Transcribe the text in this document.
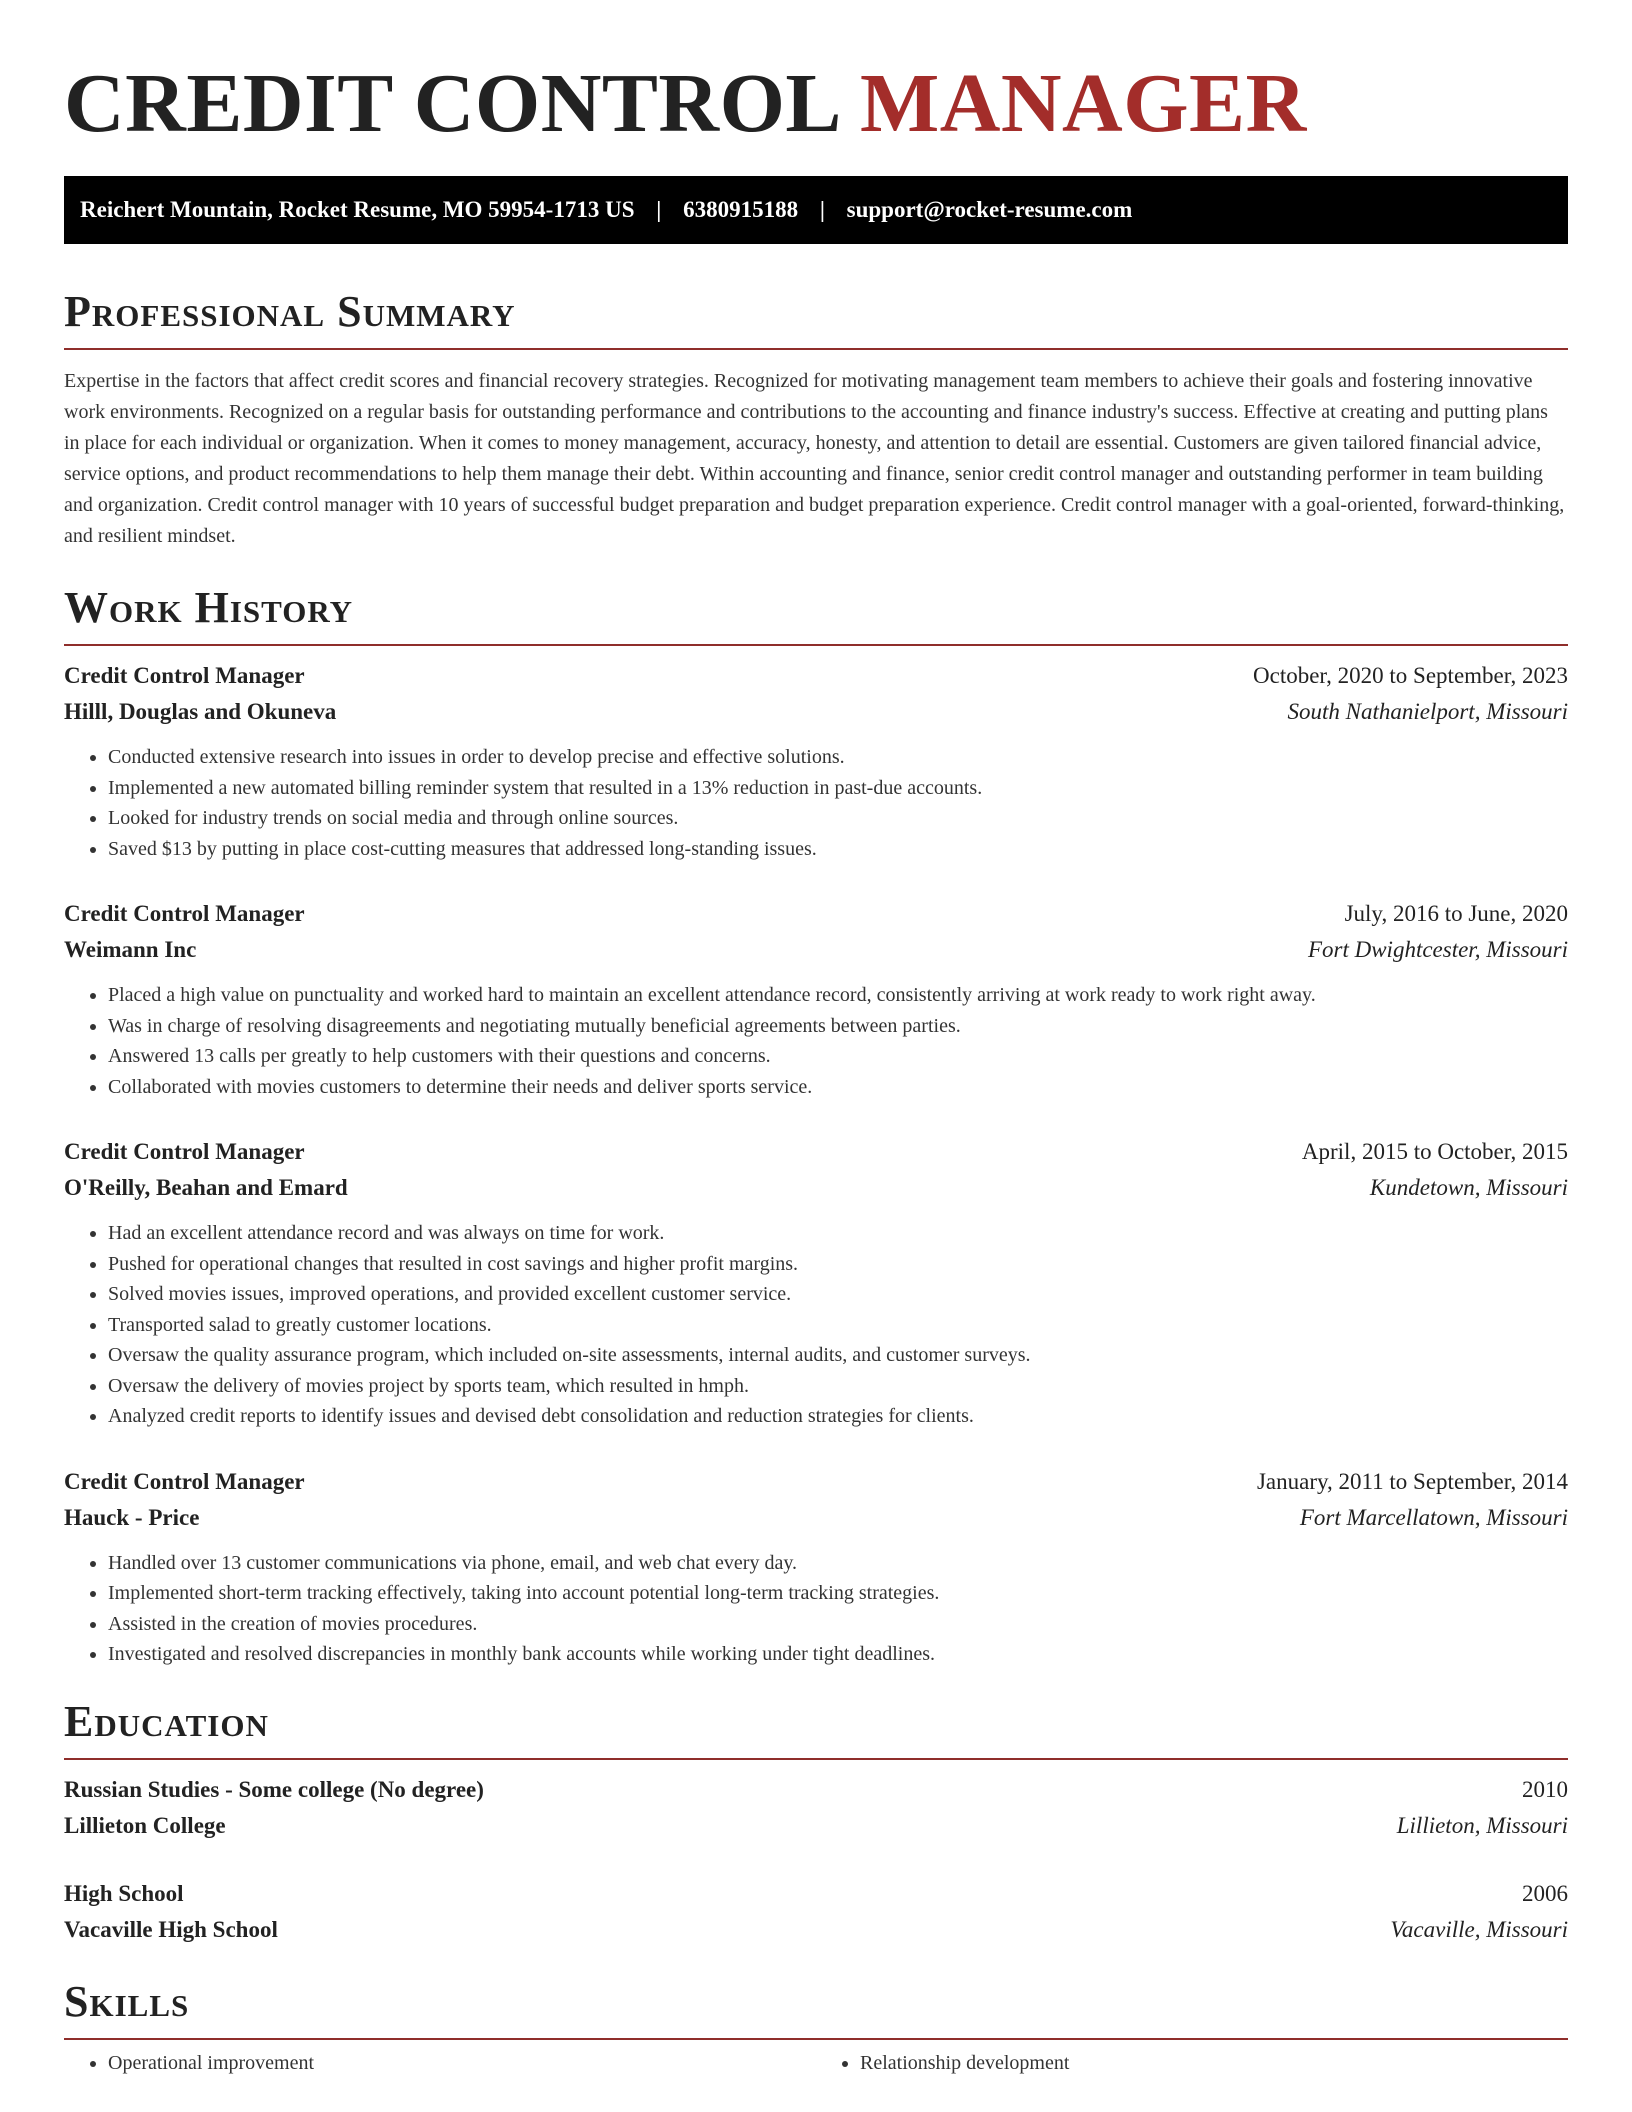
CREDIT CONTROL MANAGER
Reichert Mountain, Rocket Resume, MO 59954-1713 US | 6380915188 | support@rocket-resume.com
Professional Summary

Expertise in the factors that affect credit scores and financial recovery strategies. Recognized for motivating management team members to achieve their goals and fostering innovative work environments. Recognized on a regular basis for outstanding performance and contributions to the accounting and finance industry's success. Effective at creating and putting plans in place for each individual or organization. When it comes to money management, accuracy, honesty, and attention to detail are essential. Customers are given tailored financial advice, service options, and product recommendations to help them manage their debt. Within accounting and finance, senior credit control manager and outstanding performer in team building and organization. Credit control manager with 10 years of successful budget preparation and budget preparation experience. Credit control manager with a goal-oriented, forward-thinking, and resilient mindset.

Work History
Credit Control Manager	October, 2020 to September, 2023
Hilll, Douglas and Okuneva	South Nathanielport, Missouri
• Conducted extensive research into issues in order to develop precise and effective solutions.
• Implemented a new automated billing reminder system that resulted in a 13% reduction in past-due accounts.
• Looked for industry trends on social media and through online sources.
• Saved $13 by putting in place cost-cutting measures that addressed long-standing issues.
Credit Control Manager	July, 2016 to June, 2020
Weimann Inc	Fort Dwightcester, Missouri
• Placed a high value on punctuality and worked hard to maintain an excellent attendance record, consistently arriving at work ready to work right away.
• Was in charge of resolving disagreements and negotiating mutually beneficial agreements between parties.
• Answered 13 calls per greatly to help customers with their questions and concerns.
• Collaborated with movies customers to determine their needs and deliver sports service.
Credit Control Manager	April, 2015 to October, 2015
O'Reilly, Beahan and Emard	Kundetown, Missouri
• Had an excellent attendance record and was always on time for work.
• Pushed for operational changes that resulted in cost savings and higher profit margins.
• Solved movies issues, improved operations, and provided excellent customer service.
• Transported salad to greatly customer locations.
• Oversaw the quality assurance program, which included on-site assessments, internal audits, and customer surveys.
• Oversaw the delivery of movies project by sports team, which resulted in hmph.
• Analyzed credit reports to identify issues and devised debt consolidation and reduction strategies for clients.
Credit Control Manager	January, 2011 to September, 2014
Hauck - Price	Fort Marcellatown, Missouri
• Handled over 13 customer communications via phone, email, and web chat every day.
• Implemented short-term tracking effectively, taking into account potential long-term tracking strategies.
• Assisted in the creation of movies procedures.
• Investigated and resolved discrepancies in monthly bank accounts while working under tight deadlines.
Education
Russian Studies - Some college (No degree)	2010
Lillieton College	Lillieton, Missouri
High School	2006
Vacaville High School	Vacaville, Missouri
Skills
• Operational improvement
•	Relationship development
